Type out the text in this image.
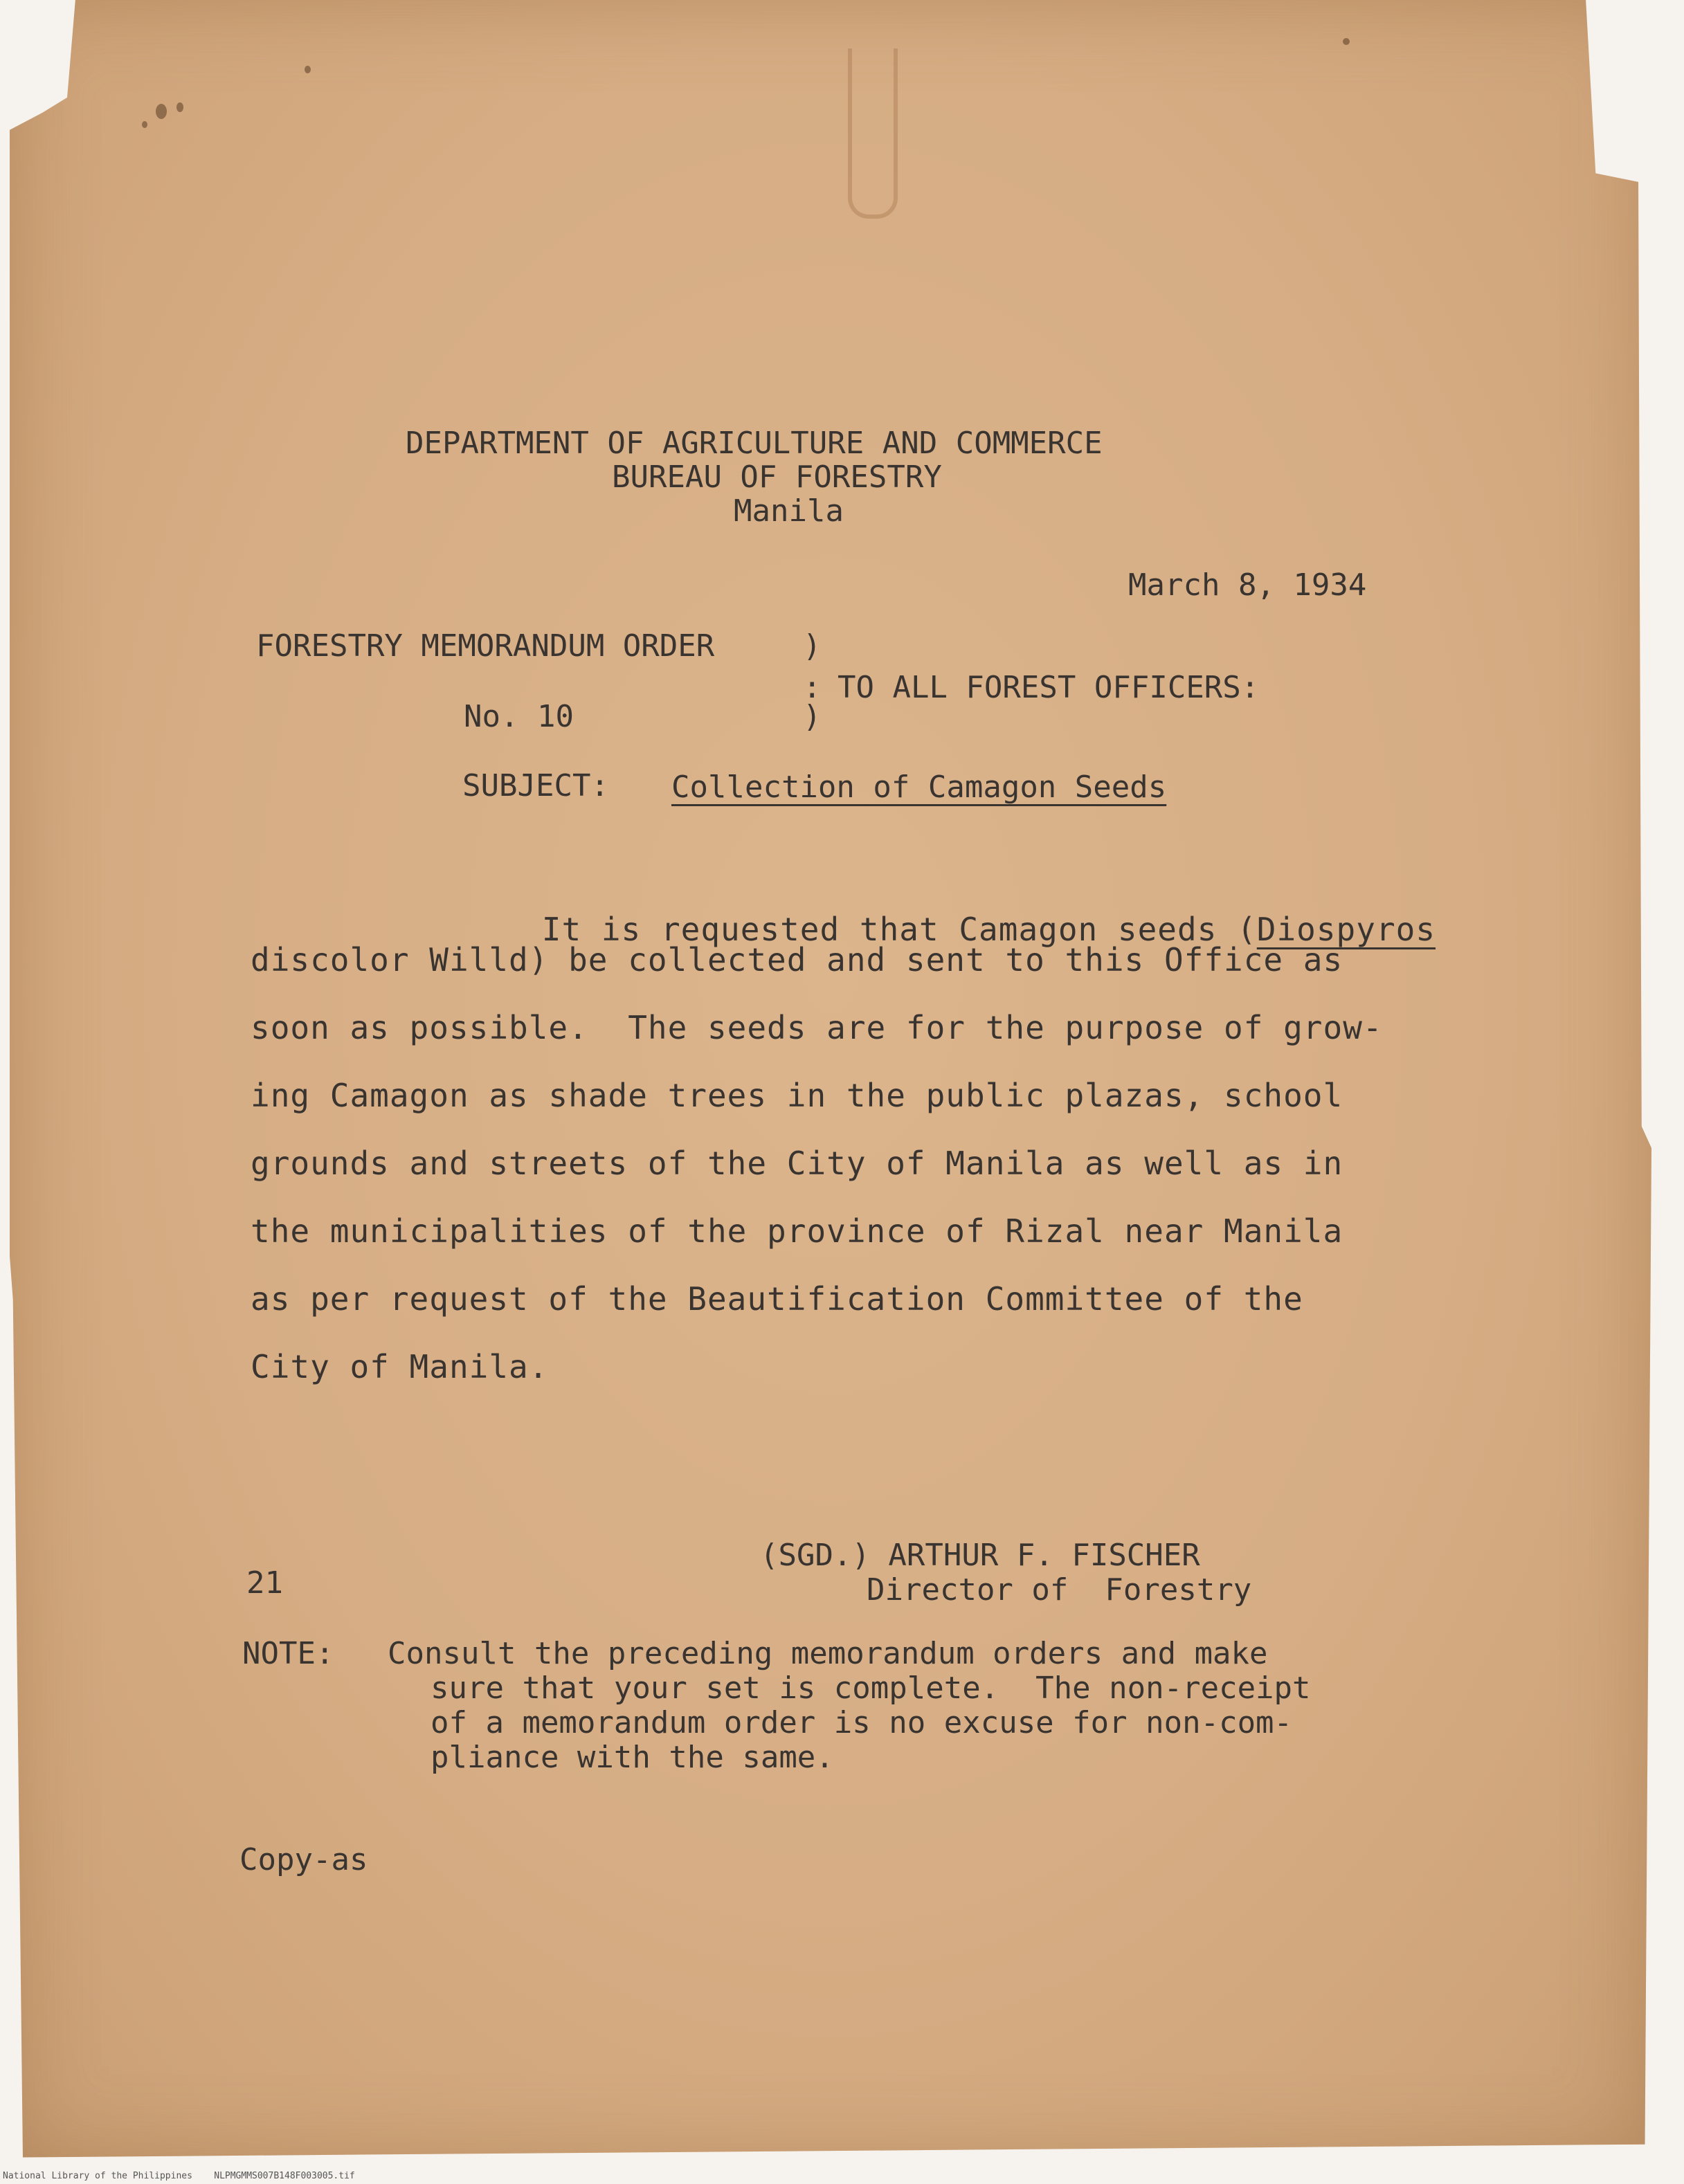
DEPARTMENT OF AGRICULTURE AND COMMERCE
BUREAU OF FORESTRY
Manila
March 8, 1934
FORESTRY MEMORANDUM ORDER	)
: TO ALL FOREST OFFICERS:
No. 10	)
SUBJECT: Collection of Camagon Seeds

It is requested that Camagon seeds (Diospyros

discolor Willd) be collected and sent to this Office as
soon as possible.  The seeds are for the purpose of grow-
ing Camagon as shade trees in the public plazas, school
grounds and streets of the City of Manila as well as in
the municipalities of the province of Rizal near Manila
as per request of the Beautification Committee of the
City of Manila.
(SGD.) ARTHUR F. FISCHER
Director of  Forestry
21
NOTE: Consult the preceding memorandum orders and make
sure that your set is complete.  The non-receipt
of a memorandum order is no excuse for non-com-
pliance with the same.
Copy-as
National Library of the Philippines    NLPMGMMS007B148F003005.tif
